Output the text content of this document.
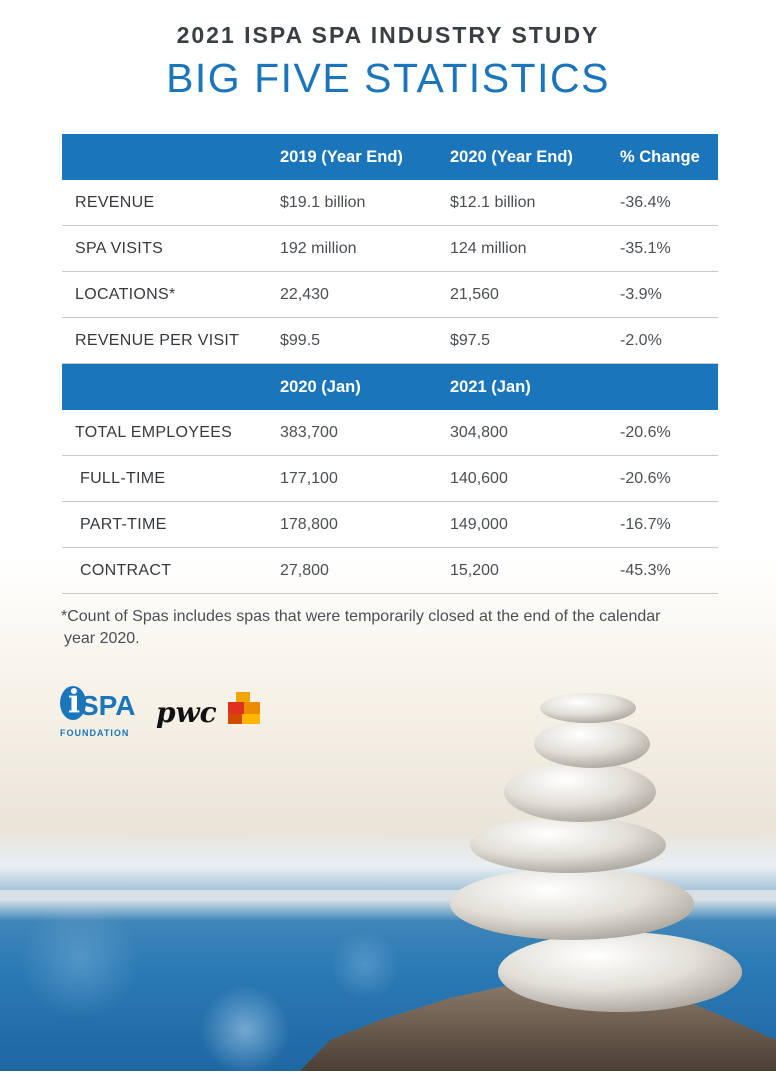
2021 ISPA SPA INDUSTRY STUDY
BIG FIVE STATISTICS
	2019 (Year End)	2020 (Year End)	% Change
REVENUE	$19.1 billion	$12.1 billion	-36.4%
SPA VISITS	192 million	124 million	-35.1%
LOCATIONS*	22,430	21,560	-3.9%
REVENUE PER VISIT	$99.5	$97.5	-2.0%
	2020 (Jan)	2021 (Jan)	
TOTAL EMPLOYEES	383,700	304,800	-20.6%
FULL-TIME	177,100	140,600	-20.6%
PART-TIME	178,800	149,000	-16.7%
CONTRACT	27,800	15,200	-45.3%
*Count of Spas includes spas that were temporarily closed at the end of the calendar
year 2020.
i SPA
FOUNDATION
pwc
